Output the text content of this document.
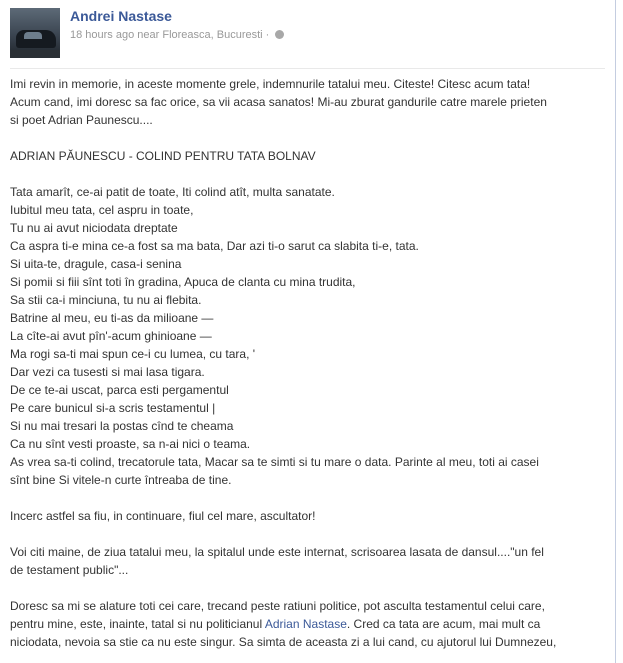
Andrei Nastase
18 hours ago near Floreasca, Bucuresti ·

Imi revin in memorie, in aceste momente grele, indemnurile tatalui meu. Citeste! Citesc acum tata!

Acum cand, imi doresc sa fac orice, sa vii acasa sanatos! Mi-au zburat gandurile catre marele prieten

si poet Adrian Paunescu....

ADRIAN PĂUNESCU - COLIND PENTRU TATA BOLNAV

Tata amarît, ce-ai patit de toate, Iti colind atît, multa sanatate.

Iubitul meu tata, cel aspru in toate,

Tu nu ai avut niciodata dreptate

Ca aspra ti-e mina ce-a fost sa ma bata, Dar azi ti-o sarut ca slabita ti-e, tata.

Si uita-te, dragule, casa-i senina

Si pomii si fiii sînt toti în gradina, Apuca de clanta cu mina trudita,

Sa stii ca-i minciuna, tu nu ai flebita.

Batrine al meu, eu ti-as da milioane —

La cîte-ai avut pîn'-acum ghinioane —

Ma rogi sa-ti mai spun ce-i cu lumea, cu tara, '

Dar vezi ca tusesti si mai lasa tigara.

De ce te-ai uscat, parca esti pergamentul

Pe care bunicul si-a scris testamentul |

Si nu mai tresari la postas cînd te cheama

Ca nu sînt vesti proaste, sa n-ai nici o teama.

As vrea sa-ti colind, trecatorule tata, Macar sa te simti si tu mare o data. Parinte al meu, toti ai casei

sînt bine Si vitele-n curte întreaba de tine.

Incerc astfel sa fiu, in continuare, fiul cel mare, ascultator!

Voi citi maine, de ziua tatalui meu, la spitalul unde este internat, scrisoarea lasata de dansul...."un fel

de testament public"...

Doresc sa mi se alature toti cei care, trecand peste ratiuni politice, pot asculta testamentul celui care,

pentru mine, este, inainte, tatal si nu politicianul Adrian Nastase. Cred ca tata are acum, mai mult ca

niciodata, nevoia sa stie ca nu este singur. Sa simta de aceasta zi a lui cand, cu ajutorul lui Dumnezeu,
